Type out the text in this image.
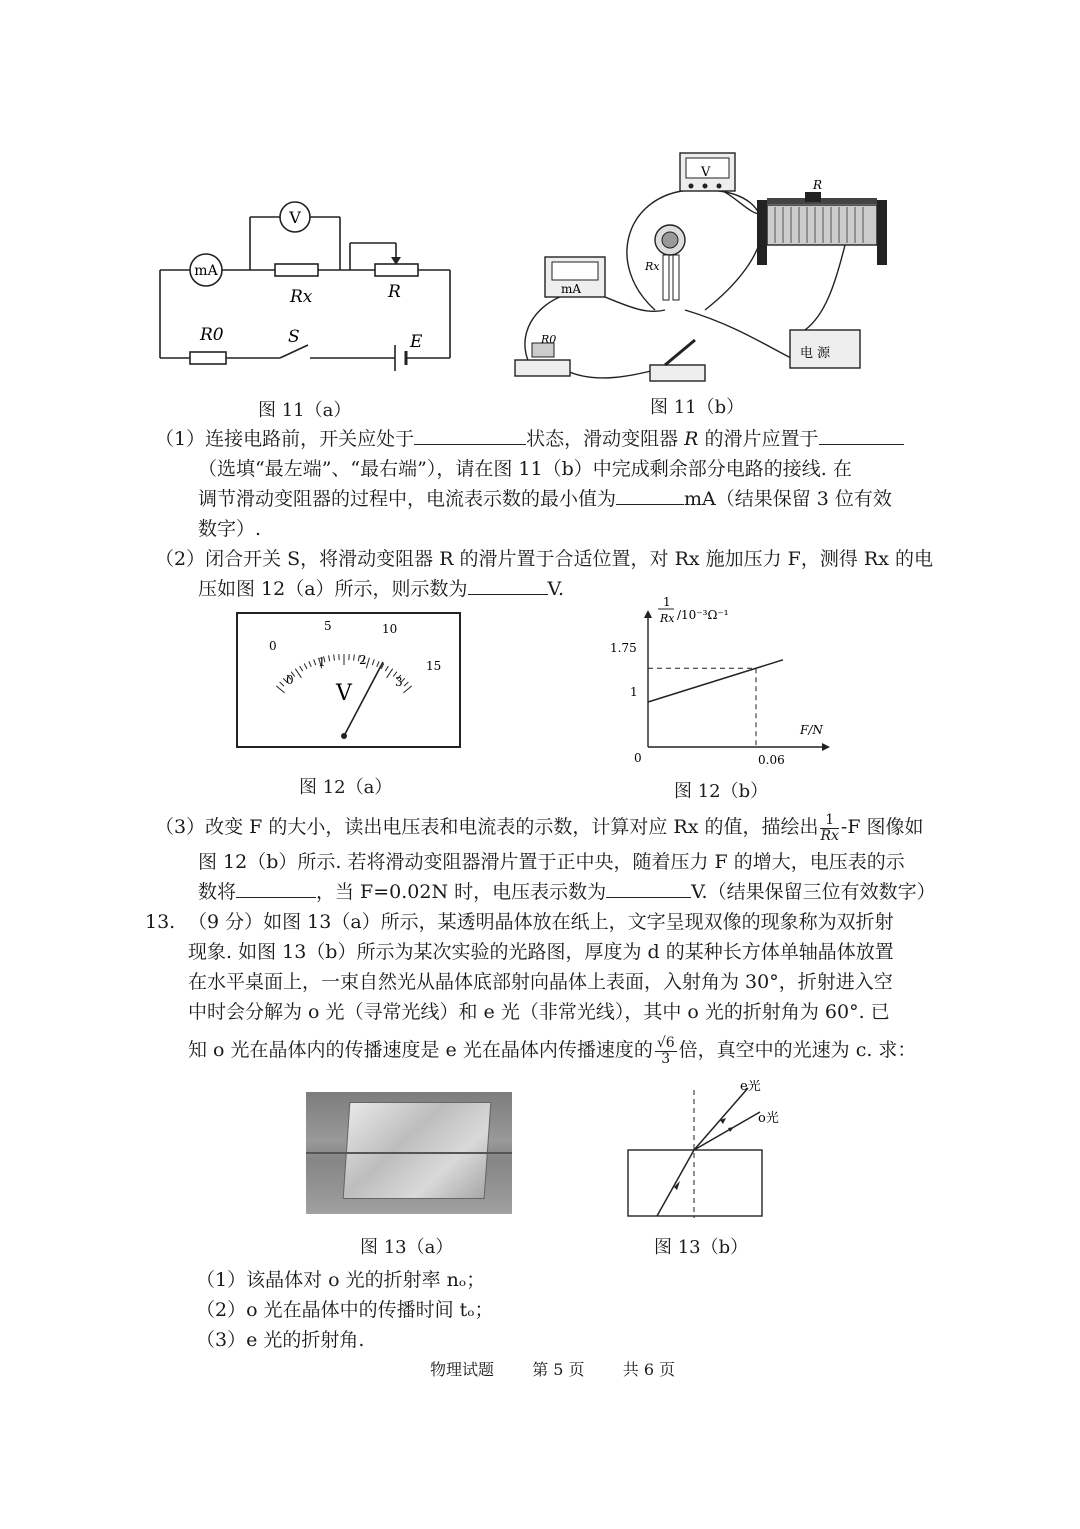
mA
V
Rx	R
R0	S	E
图 11（a）
V
Rx
mA
R
电 源
R0
图 11（b）
（1）连接电路前，开关应处于	状态，滑动变阻器 R 的滑片应置于
（选填“最左端”、“最右端”），请在图 11（b）中完成剩余部分电路的接线. 在
调节滑动变阻器的过程中，电流表示数的最小值为	mA（结果保留 3 位有效
数字）.
（2）闭合开关 S，将滑动变阻器 R 的滑片置于合适位置，对 Rx 施加压力 F，测得 Rx 的电
压如图 12（a）所示，则示数为	V.
0
5	10
15
0
1	2
3
V
图 12（a）
1
Rx /10⁻³Ω⁻¹
F/N
0
1.75
1
0.06
图 12（b）
（3）改变 F 的大小，读出电压表和电流表的示数，计算对应 Rx 的值，描绘出 $\frac{1}{Rx} -F$ 图像如
图 12（b）所示. 若将滑动变阻器滑片置于正中央，随着压力 F 的增大，电压表的示
数将	，当 F=0.02N 时，电压表示数为	V.（结果保留三位有效数字）
13. （9 分）如图 13（a）所示，某透明晶体放在纸上，文字呈现双像的现象称为双折射
现象. 如图 13（b）所示为某次实验的光路图，厚度为 d 的某种长方体单轴晶体放置
在水平桌面上，一束自然光从晶体底部射向晶体上表面，入射角为 30°，折射进入空
中时会分解为 o 光（寻常光线）和 e 光（非常光线），其中 o 光的折射角为 60°. 已
知 o 光在晶体内的传播速度是 e 光在晶体内传播速度的 $\frac{√6}{3}$ 倍，真空中的光速为 c. 求：
图 13（a）
e光
o光
图 13（b）
（1）该晶体对 o 光的折射率 nₒ；
（2）o 光在晶体中的传播时间 tₒ；
（3）e 光的折射角.
物理试题 第 5 页 共 6 页
